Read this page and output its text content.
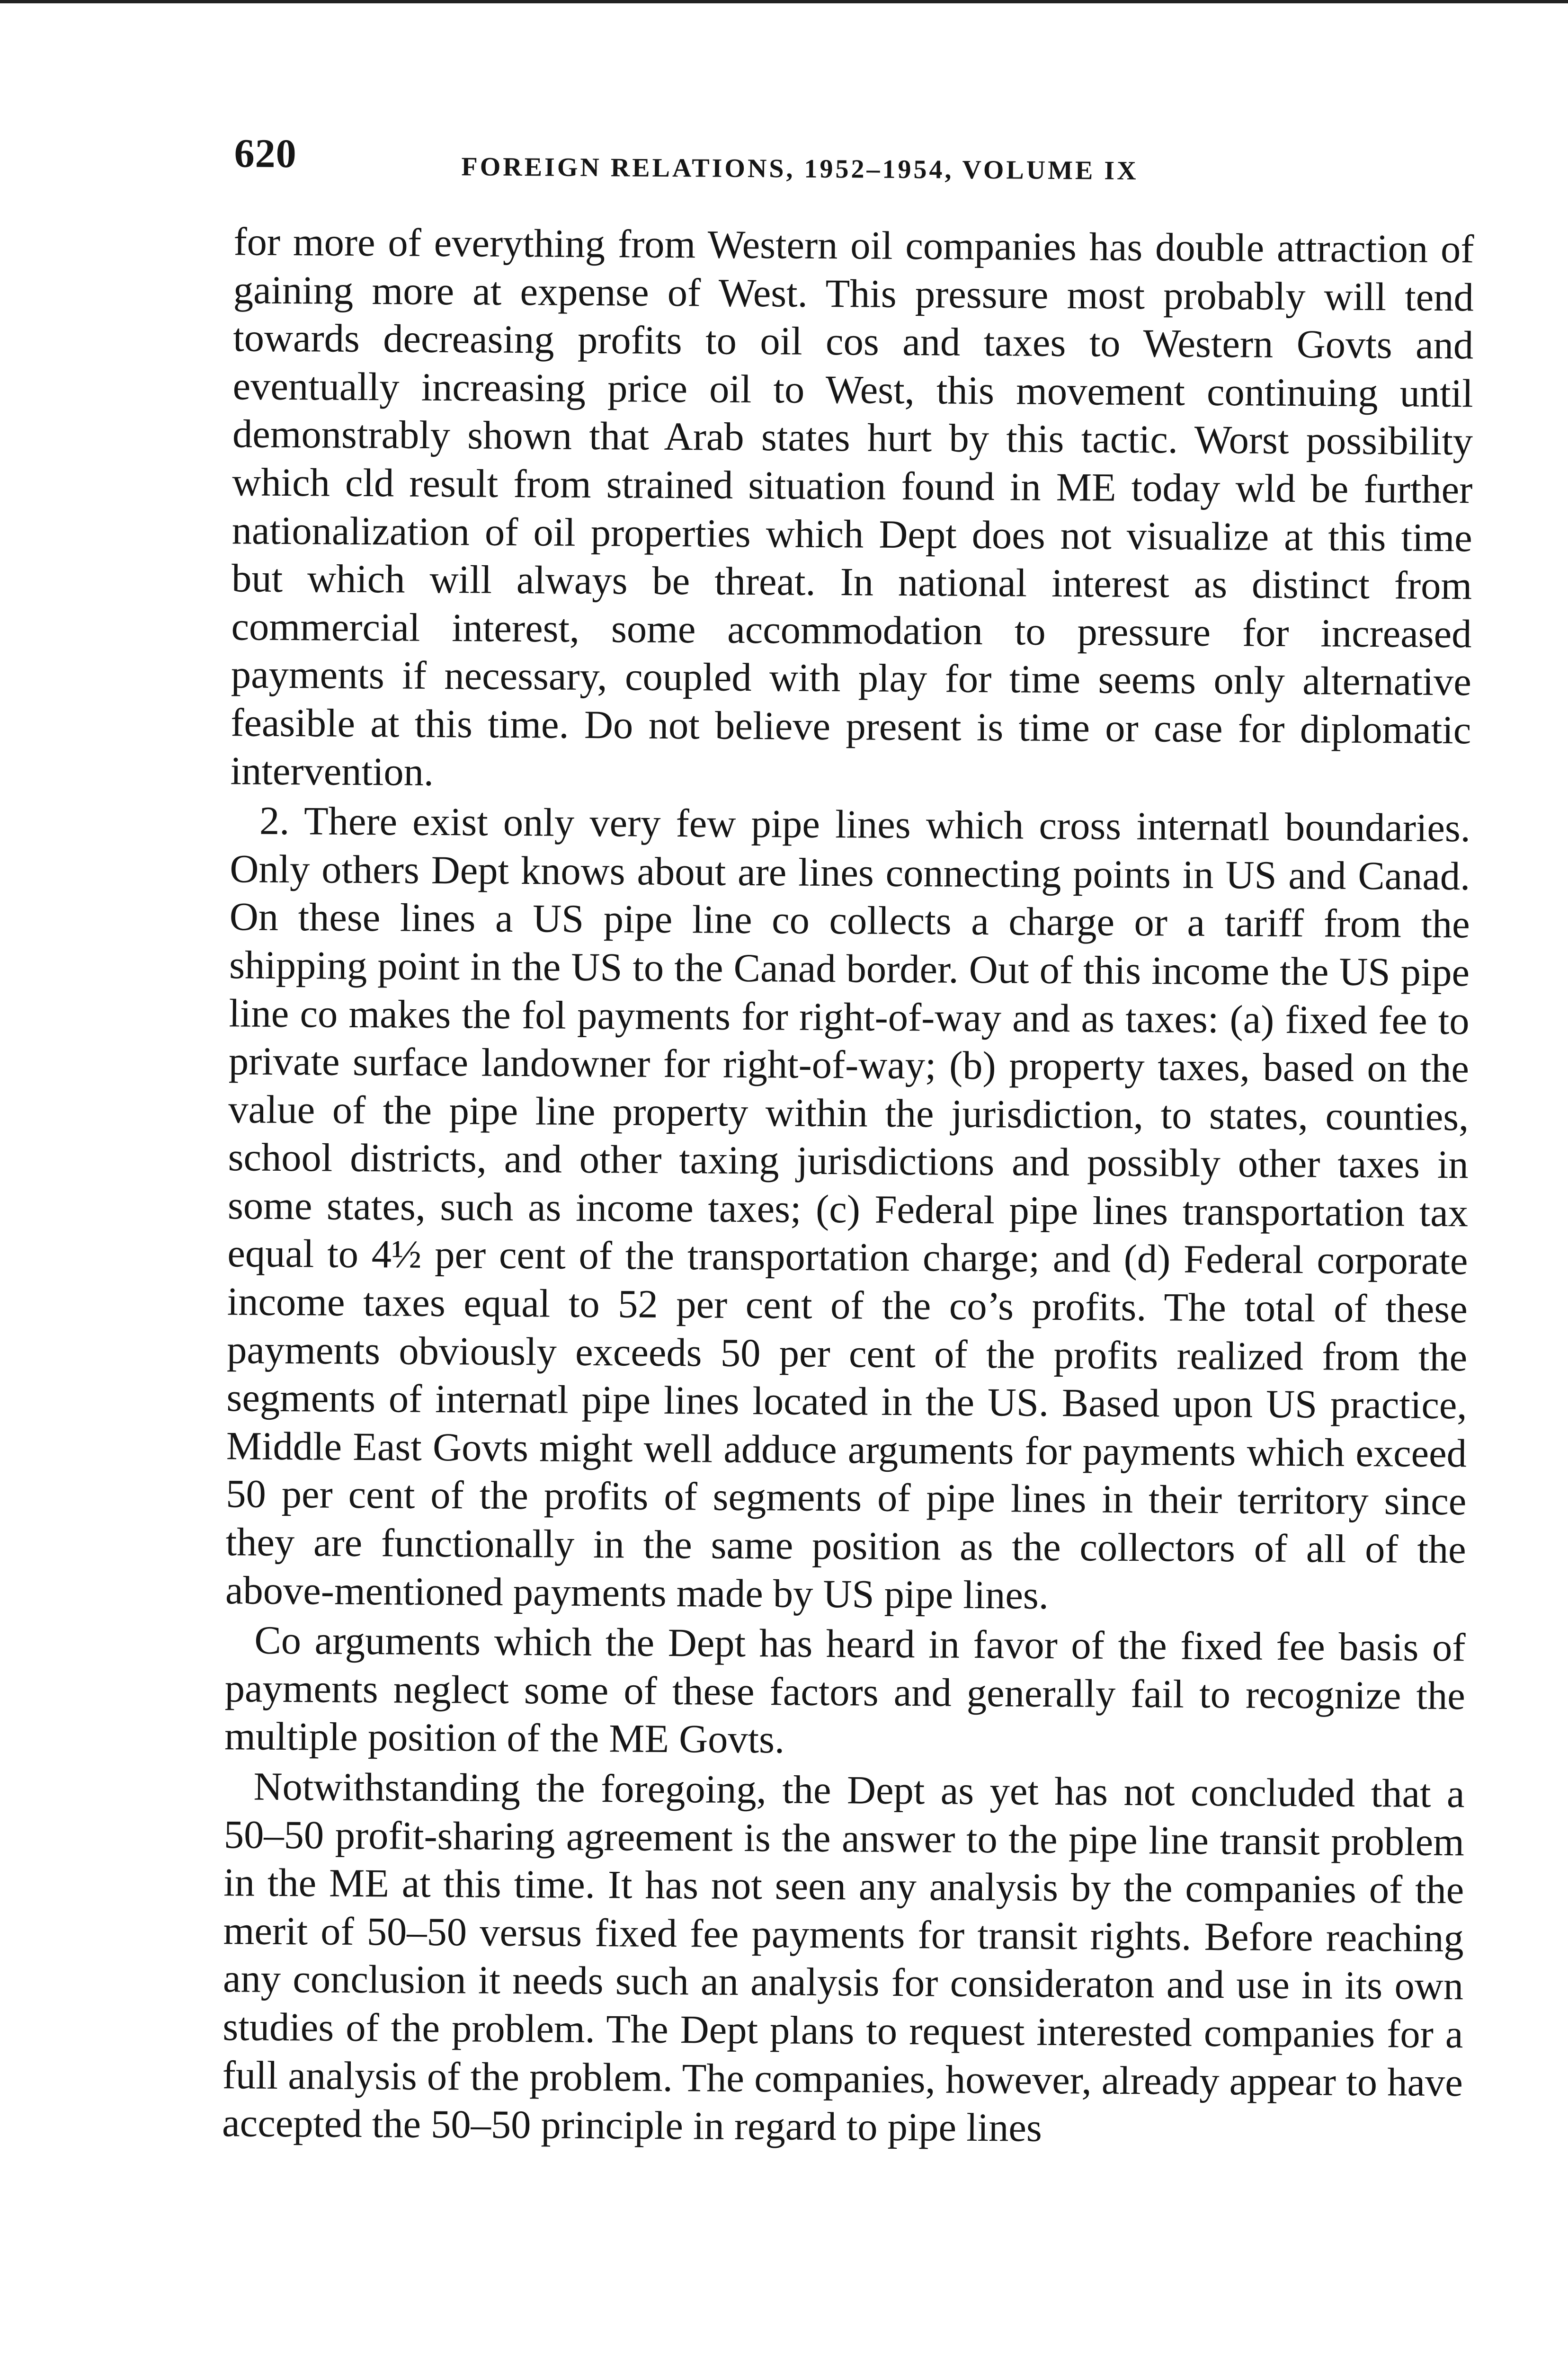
620	FOREIGN RELATIONS, 1952–1954, VOLUME IX

for more of everything from Western oil companies has double attraction of gaining more at expense of West. This pressure most probably will tend towards decreasing profits to oil cos and taxes to Western Govts and eventually increasing price oil to West, this movement continuing until demonstrably shown that Arab states hurt by this tactic. Worst possibility which cld result from strained situation found in ME today wld be further nationalization of oil properties which Dept does not visualize at this time but which will always be threat. In national interest as distinct from commercial interest, some accommodation to pressure for increased payments if necessary, coupled with play for time seems only alternative feasible at this time. Do not believe present is time or case for diplomatic intervention.

2. There exist only very few pipe lines which cross internatl boundaries. Only others Dept knows about are lines connecting points in US and Canad. On these lines a US pipe line co collects a charge or a tariff from the shipping point in the US to the Canad border. Out of this income the US pipe line co makes the fol payments for right-of-way and as taxes: (a) fixed fee to private surface landowner for right-of-way; (b) property taxes, based on the value of the pipe line property within the jurisdiction, to states, counties, school districts, and other taxing jurisdictions and possibly other taxes in some states, such as income taxes; (c) Federal pipe lines transportation tax equal to 4½ per cent of the transportation charge; and (d) Federal corporate income taxes equal to 52 per cent of the co’s profits. The total of these payments obviously exceeds 50 per cent of the profits realized from the segments of internatl pipe lines located in the US. Based upon US practice, Middle East Govts might well adduce arguments for payments which exceed 50 per cent of the profits of segments of pipe lines in their territory since they are functionally in the same position as the collectors of all of the above-mentioned payments made by US pipe lines.

Co arguments which the Dept has heard in favor of the fixed fee basis of payments neglect some of these factors and generally fail to recognize the multiple position of the ME Govts.

Notwithstanding the foregoing, the Dept as yet has not concluded that a 50–50 profit-sharing agreement is the answer to the pipe line transit problem in the ME at this time. It has not seen any analysis by the companies of the merit of 50–50 versus fixed fee payments for transit rights. Before reaching any conclusion it needs such an analysis for consideraton and use in its own studies of the problem. The Dept plans to request interested companies for a full analysis of the problem. The companies, however, already appear to have accepted the 50–50 principle in regard to pipe lines
